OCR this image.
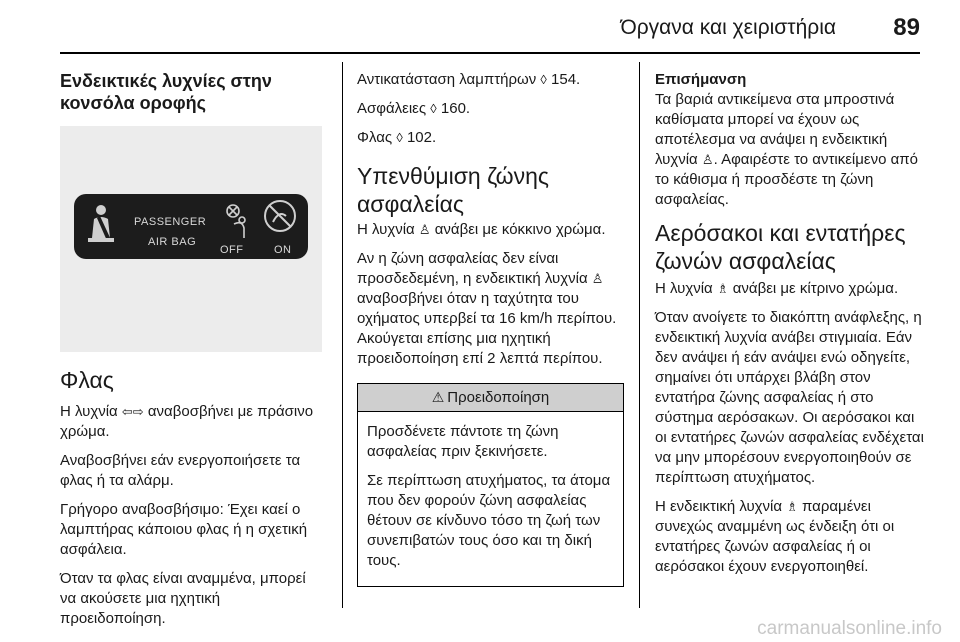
Όργανα και χειριστήρια 89
Ενδεικτικές λυχνίες στην κονσόλα οροφής
PASSENGER
AIR BAG
OFF	ON
Φλας

Η λυχνία ⇦⇨ αναβοσβήνει με πράσινο χρώμα.

Αναβοσβήνει εάν ενεργοποιήσετε τα φλας ή τα αλάρμ.

Γρήγορο αναβοσβήσιμο: Έχει καεί ο λαμπτήρας κάποιου φλας ή η σχετική ασφάλεια.

Όταν τα φλας είναι αναμμένα, μπορεί να ακούσετε μια ηχητική προειδοποίηση.

Αντικατάσταση λαμπτήρων ◊ 154.

Ασφάλειες ◊ 160.

Φλας ◊ 102.

Υπενθύμιση ζώνης ασφαλείας

Η λυχνία ♙ ανάβει με κόκκινο χρώμα.

Αν η ζώνη ασφαλείας δεν είναι προσδεδεμένη, η ενδεικτική λυχνία ♙ αναβοσβήνει όταν η ταχύτητα του οχήματος υπερβεί τα 16 km/h περίπου.

Ακούγεται επίσης μια ηχητική προειδοποίηση επί 2 λεπτά περίπου.

⚠ Προειδοποίηση

Προσδένετε πάντοτε τη ζώνη ασφαλείας πριν ξεκινήσετε.

Σε περίπτωση ατυχήματος, τα άτομα που δεν φορούν ζώνη ασφαλείας θέτουν σε κίνδυνο τόσο τη ζωή των συνεπιβατών τους όσο και τη δική τους.

Επισήμανση

Τα βαριά αντικείμενα στα μπροστινά καθίσματα μπορεί να έχουν ως αποτέλεσμα να ανάψει η ενδεικτική λυχνία ♙. Αφαιρέστε το αντικείμενο από το κάθισμα ή προσδέστε τη ζώνη ασφαλείας.

Αερόσακοι και εντατήρες ζωνών ασφαλείας

Η λυχνία ♗ ανάβει με κίτρινο χρώμα.

Όταν ανοίγετε το διακόπτη ανάφλεξης, η ενδεικτική λυχνία ανάβει στιγμιαία. Εάν δεν ανάψει ή εάν ανάψει ενώ οδηγείτε, σημαίνει ότι υπάρχει βλάβη στον εντατήρα ζώνης ασφαλείας ή στο σύστημα αερόσακων. Οι αερόσακοι και οι εντατήρες ζωνών ασφαλείας ενδέχεται να μην μπορέσουν ενεργοποιηθούν σε περίπτωση ατυχήματος.

Η ενδεικτική λυχνία ♗ παραμένει συνεχώς αναμμένη ως ένδειξη ότι οι εντατήρες ζωνών ασφαλείας ή οι αερόσακοι έχουν ενεργοποιηθεί.

carmanualsonline.info
